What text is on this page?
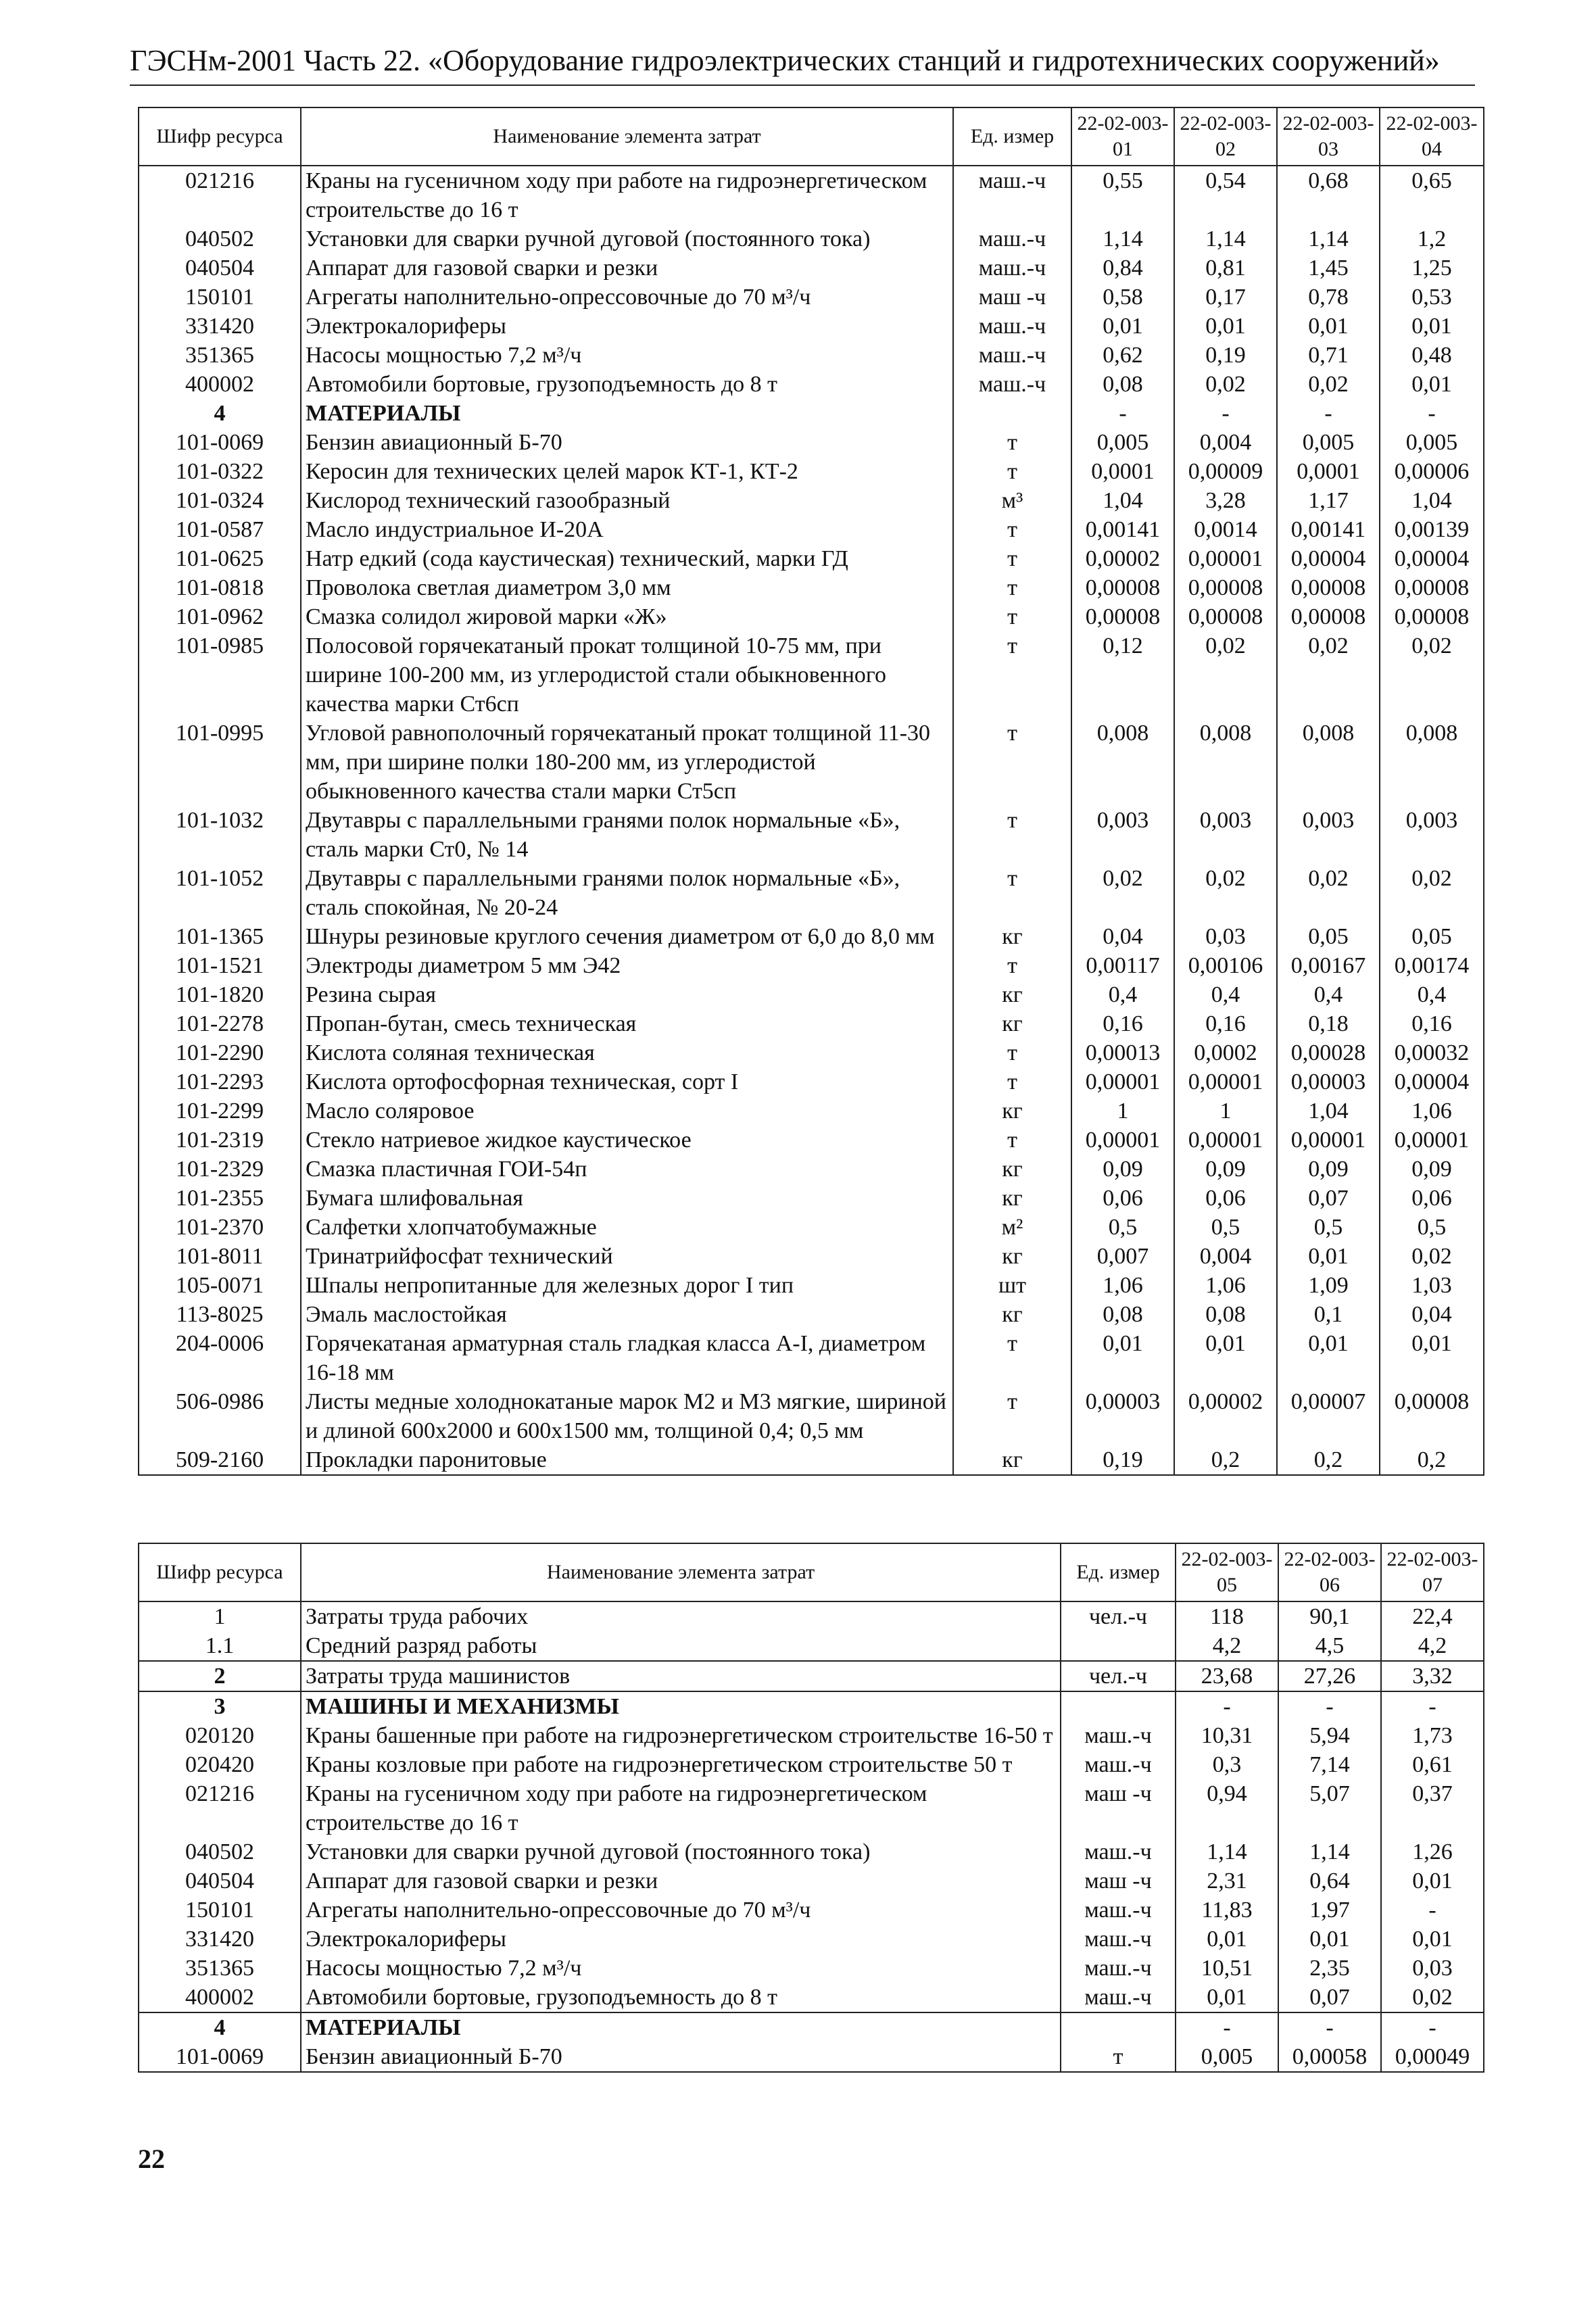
ГЭСНм-2001 Часть 22. «Оборудование гидроэлектрических станций и гидротехнических сооружений»
Шифр ресурса	Наименование элемента затрат	Ед. измер	22-02-003-01	22-02-003-02	22-02-003-03	22-02-003-04
021216	Краны на гусеничном ходу при работе на гидроэнергетическом строительстве до 16 т	маш.-ч	0,55	0,54	0,68	0,65
040502	Установки для сварки ручной дуговой (постоянного тока)	маш.-ч	1,14	1,14	1,14	1,2
040504	Аппарат для газовой сварки и резки	маш.-ч	0,84	0,81	1,45	1,25
150101	Агрегаты наполнительно-опрессовочные до 70 м³/ч	маш -ч	0,58	0,17	0,78	0,53
331420	Электрокалориферы	маш.-ч	0,01	0,01	0,01	0,01
351365	Насосы мощностью 7,2 м³/ч	маш.-ч	0,62	0,19	0,71	0,48
400002	Автомобили бортовые, грузоподъемность до 8 т	маш.-ч	0,08	0,02	0,02	0,01
4	МАТЕРИАЛЫ		-	-	-	-
101-0069	Бензин авиационный Б-70	т	0,005	0,004	0,005	0,005
101-0322	Керосин для технических целей марок КТ-1, КТ-2	т	0,0001	0,00009	0,0001	0,00006
101-0324	Кислород технический газообразный	м³	1,04	3,28	1,17	1,04
101-0587	Масло индустриальное И-20А	т	0,00141	0,0014	0,00141	0,00139
101-0625	Натр едкий (сода каустическая) технический, марки ГД	т	0,00002	0,00001	0,00004	0,00004
101-0818	Проволока светлая диаметром 3,0 мм	т	0,00008	0,00008	0,00008	0,00008
101-0962	Смазка солидол жировой марки «Ж»	т	0,00008	0,00008	0,00008	0,00008
101-0985	Полосовой горячекатаный прокат толщиной 10-75 мм, при ширине 100-200 мм, из углеродистой стали обыкновенного качества марки Ст6сп	т	0,12	0,02	0,02	0,02
101-0995	Угловой равнополочный горячекатаный прокат толщиной 11-30 мм, при ширине полки 180-200 мм, из углеродистой обыкновенного качества стали марки Ст5сп	т	0,008	0,008	0,008	0,008
101-1032	Двутавры с параллельными гранями полок нормальные «Б», сталь марки Ст0, № 14	т	0,003	0,003	0,003	0,003
101-1052	Двутавры с параллельными гранями полок нормальные «Б», сталь спокойная, № 20-24	т	0,02	0,02	0,02	0,02
101-1365	Шнуры резиновые круглого сечения диаметром от 6,0 до 8,0 мм	кг	0,04	0,03	0,05	0,05
101-1521	Электроды диаметром 5 мм Э42	т	0,00117	0,00106	0,00167	0,00174
101-1820	Резина сырая	кг	0,4	0,4	0,4	0,4
101-2278	Пропан-бутан, смесь техническая	кг	0,16	0,16	0,18	0,16
101-2290	Кислота соляная техническая	т	0,00013	0,0002	0,00028	0,00032
101-2293	Кислота ортофосфорная техническая, сорт I	т	0,00001	0,00001	0,00003	0,00004
101-2299	Масло соляровое	кг	1	1	1,04	1,06
101-2319	Стекло натриевое жидкое каустическое	т	0,00001	0,00001	0,00001	0,00001
101-2329	Смазка пластичная ГОИ-54п	кг	0,09	0,09	0,09	0,09
101-2355	Бумага шлифовальная	кг	0,06	0,06	0,07	0,06
101-2370	Салфетки хлопчатобумажные	м²	0,5	0,5	0,5	0,5
101-8011	Тринатрийфосфат технический	кг	0,007	0,004	0,01	0,02
105-0071	Шпалы непропитанные для железных дорог I тип	шт	1,06	1,06	1,09	1,03
113-8025	Эмаль маслостойкая	кг	0,08	0,08	0,1	0,04
204-0006	Горячекатаная арматурная сталь гладкая класса А-I, диаметром 16-18 мм	т	0,01	0,01	0,01	0,01
506-0986	Листы медные холоднокатаные марок М2 и М3 мягкие, шириной и длиной 600х2000 и 600х1500 мм, толщиной 0,4; 0,5 мм	т	0,00003	0,00002	0,00007	0,00008
509-2160	Прокладки паронитовые	кг	0,19	0,2	0,2	0,2
Шифр ресурса	Наименование элемента затрат	Ед. измер	22-02-003-05	22-02-003-06	22-02-003-07
1	Затраты труда рабочих	чел.-ч	118	90,1	22,4
1.1	Средний разряд работы		4,2	4,5	4,2
2	Затраты труда машинистов	чел.-ч	23,68	27,26	3,32
3	МАШИНЫ И МЕХАНИЗМЫ		-	-	-
020120	Краны башенные при работе на гидроэнергетическом строительстве 16-50 т	маш.-ч	10,31	5,94	1,73
020420	Краны козловые при работе на гидроэнергетическом строительстве 50 т	маш.-ч	0,3	7,14	0,61
021216	Краны на гусеничном ходу при работе на гидроэнергетическом строительстве до 16 т	маш -ч	0,94	5,07	0,37
040502	Установки для сварки ручной дуговой (постоянного тока)	маш.-ч	1,14	1,14	1,26
040504	Аппарат для газовой сварки и резки	маш -ч	2,31	0,64	0,01
150101	Агрегаты наполнительно-опрессовочные до 70 м³/ч	маш.-ч	11,83	1,97	-
331420	Электрокалориферы	маш.-ч	0,01	0,01	0,01
351365	Насосы мощностью 7,2 м³/ч	маш.-ч	10,51	2,35	0,03
400002	Автомобили бортовые, грузоподъемность до 8 т	маш.-ч	0,01	0,07	0,02
4	МАТЕРИАЛЫ		-	-	-
101-0069	Бензин авиационный Б-70	т	0,005	0,00058	0,00049
22
